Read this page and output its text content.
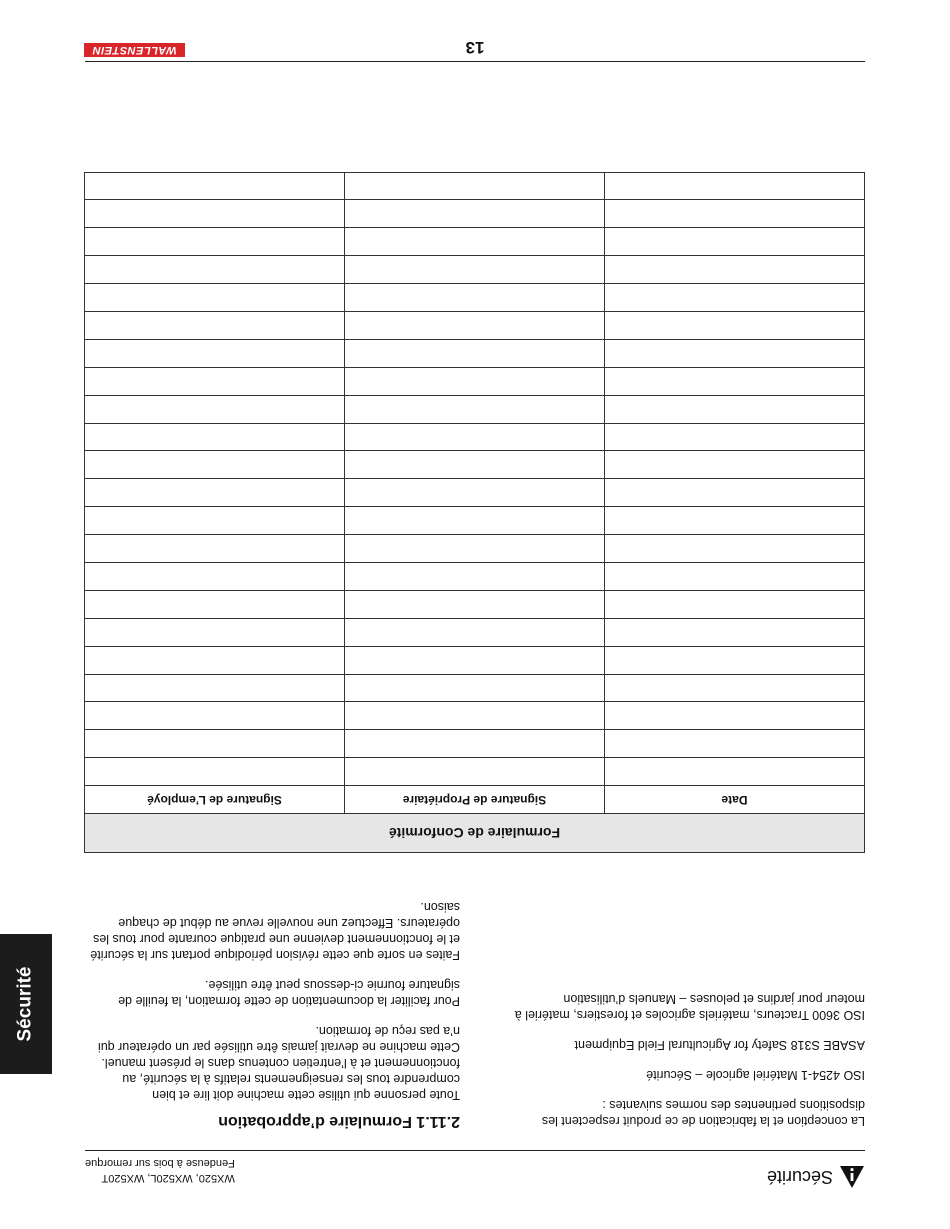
Sécurité
WX520, WX520L, WX520T
Fendeuse à bois sur remorque
Sécurité

La conception et la fabrication de ce produit respectent les dispositions pertinentes des normes suivantes :

ISO 4254-1 Matériel agricole – Sécurité

ASABE S318 Safety for Agricultural Field Equipment

ISO 3600 Tracteurs, matériels agricoles et forestiers, matériel à moteur pour jardins et pelouses – Manuels d’utilisation

2.11.1 Formulaire d’approbation

Toute personne qui utilise cette machine doit lire et bien comprendre tous les renseignements relatifs à la sécurité, au fonctionnement et à l’entretien contenus dans le présent manuel. Cette machine ne devrait jamais être utilisée par un opérateur qui n’a pas reçu de formation.

Pour faciliter la documentation de cette formation, la feuille de signature fournie ci-dessous peut être utilisée.

Faites en sorte que cette révision périodique portant sur la sécurité et le fonctionnement devienne une pratique courante pour tous les opérateurs. Effectuez une nouvelle revue au début de chaque saison.

Formulaire de Conformité		
Date	Signature de Propriétaire	Signature de L’employé

13
WALLENSTEIN
